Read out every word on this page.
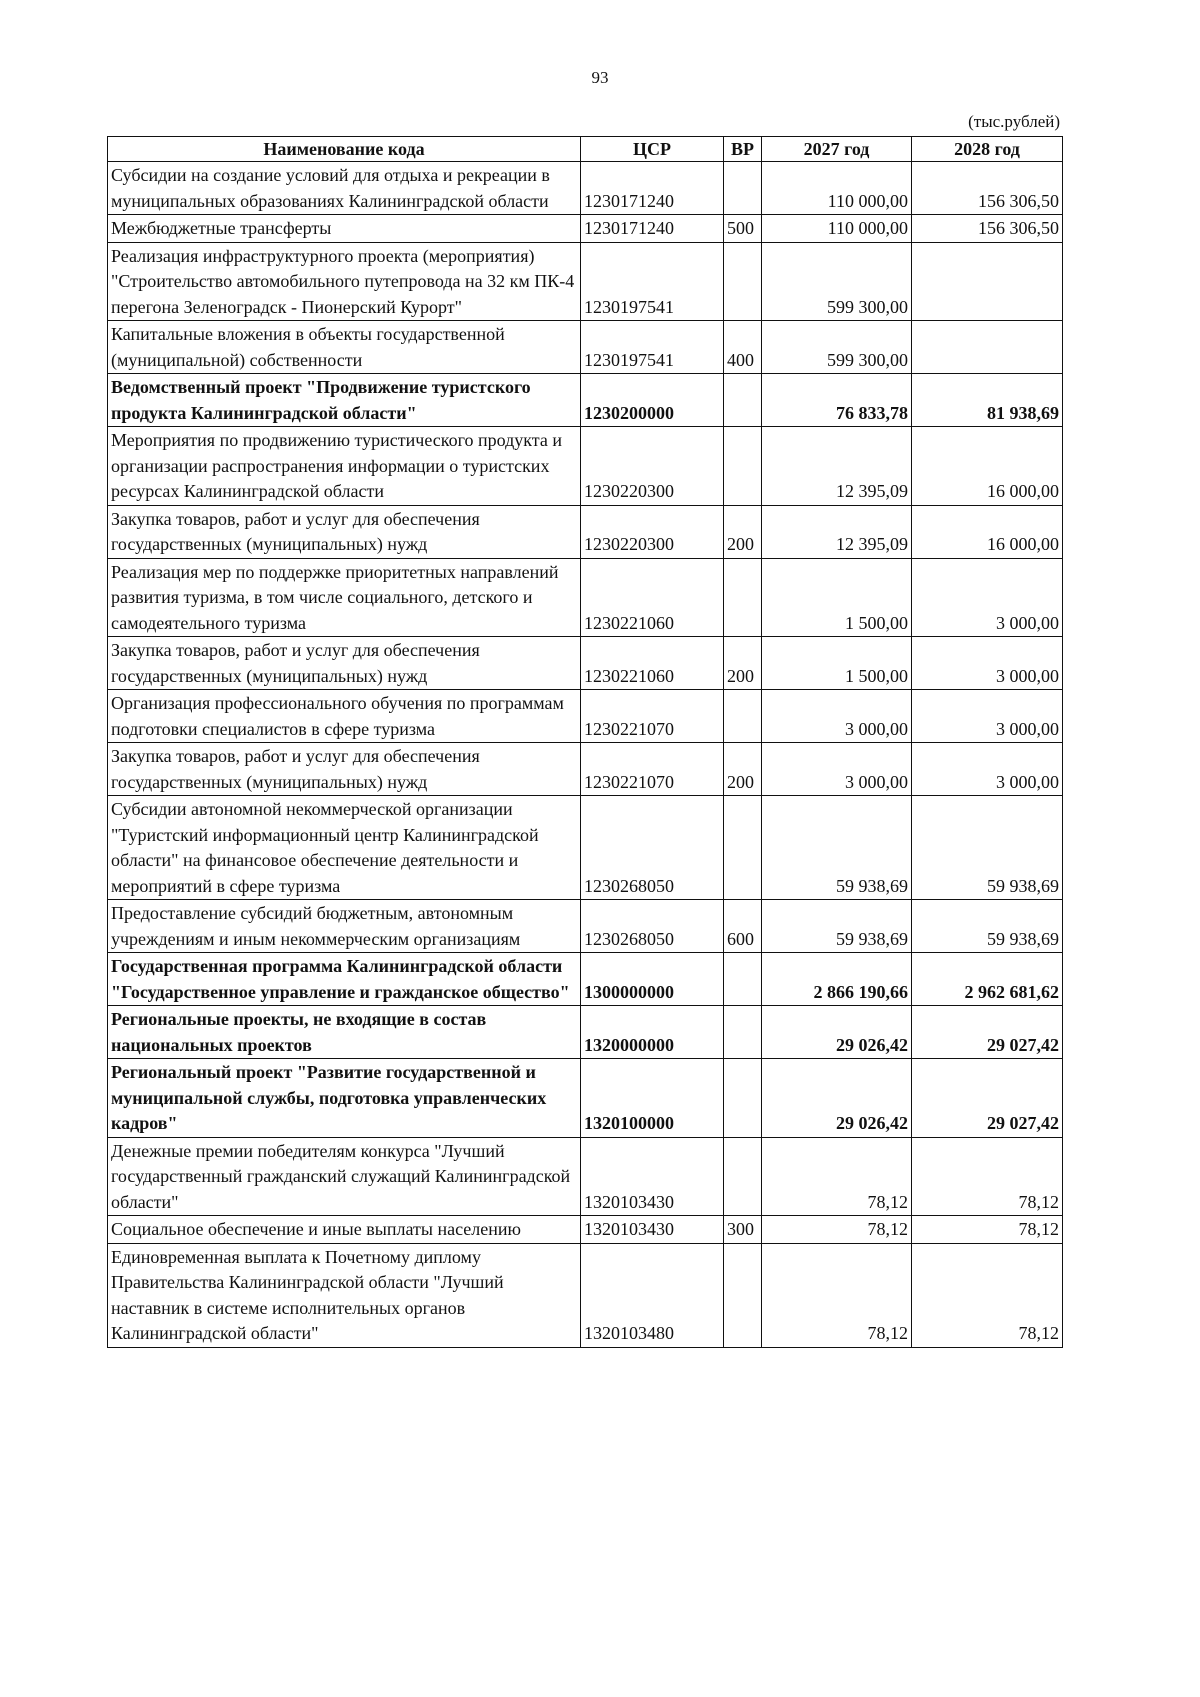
93
(тыс.рублей)
Наименование кода	ЦСР	ВР	2027 год	2028 год
Субсидии на создание условий для отдыха и рекреации в муниципальных образованиях Калининградской области	1230171240		110 000,00	156 306,50
Межбюджетные трансферты	1230171240	500	110 000,00	156 306,50
Реализация инфраструктурного проекта (мероприятия) "Строительство автомобильного путепровода на 32 км ПК-4 перегона Зеленоградск - Пионерский Курорт"	1230197541		599 300,00	
Капитальные вложения в объекты государственной (муниципальной) собственности	1230197541	400	599 300,00	
Ведомственный проект "Продвижение туристского продукта Калининградской области"	1230200000		76 833,78	81 938,69
Мероприятия по продвижению туристического продукта и организации распространения информации о туристских ресурсах Калининградской области	1230220300		12 395,09	16 000,00
Закупка товаров, работ и услуг для обеспечения государственных (муниципальных) нужд	1230220300	200	12 395,09	16 000,00
Реализация мер по поддержке приоритетных направлений развития туризма, в том числе социального, детского и самодеятельного туризма	1230221060		1 500,00	3 000,00
Закупка товаров, работ и услуг для обеспечения государственных (муниципальных) нужд	1230221060	200	1 500,00	3 000,00
Организация профессионального обучения по программам подготовки специалистов в сфере туризма	1230221070		3 000,00	3 000,00
Закупка товаров, работ и услуг для обеспечения государственных (муниципальных) нужд	1230221070	200	3 000,00	3 000,00
Субсидии автономной некоммерческой организации "Туристский информационный центр Калининградской области" на финансовое обеспечение деятельности и мероприятий в сфере туризма	1230268050		59 938,69	59 938,69
Предоставление субсидий бюджетным, автономным учреждениям и иным некоммерческим организациям	1230268050	600	59 938,69	59 938,69
Государственная программа Калининградской области "Государственное управление и гражданское общество"	1300000000		2 866 190,66	2 962 681,62
Региональные проекты, не входящие в состав национальных проектов	1320000000		29 026,42	29 027,42
Региональный проект "Развитие государственной и муниципальной службы, подготовка управленческих кадров"	1320100000		29 026,42	29 027,42
Денежные премии победителям конкурса "Лучший государственный гражданский служащий Калининградской области"	1320103430		78,12	78,12
Социальное обеспечение и иные выплаты населению	1320103430	300	78,12	78,12
Единовременная выплата к Почетному диплому Правительства Калининградской области "Лучший наставник в системе исполнительных органов Калининградской области"	1320103480		78,12	78,12
